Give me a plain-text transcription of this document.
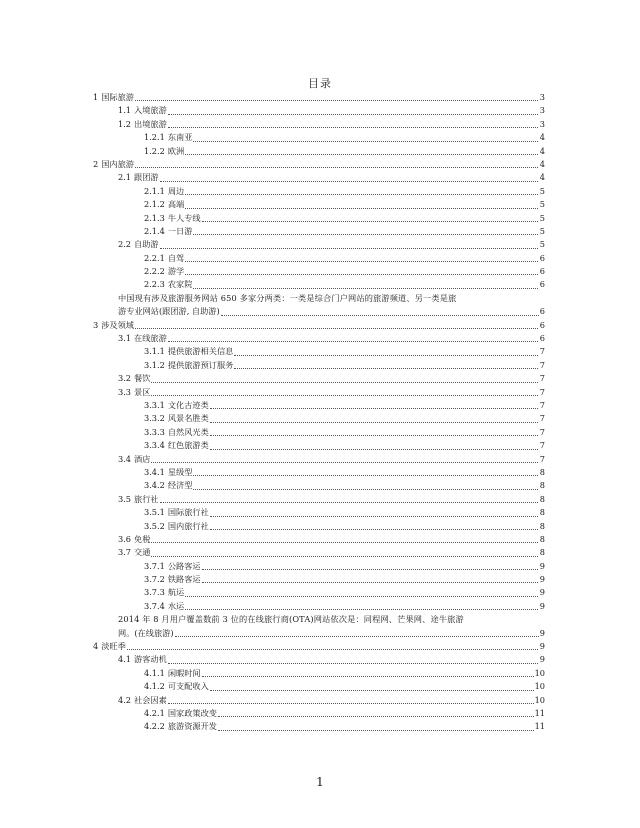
目录
1 国际旅游	3
1.1 入境旅游	3
1.2 出境旅游	3
1.2.1 东南亚	4
1.2.2 欧洲	4
2 国内旅游	4
2.1 跟团游	4
2.1.1 周边	5
2.1.2 高端	5
2.1.3 牛人专线	5
2.1.4 一日游	5
2.2 自助游	5
2.2.1 自驾	6
2.2.2 游学	6
2.2.3 农家院	6
中国现有涉及旅游服务网站 650 多家分两类：一类是综合门户网站的旅游频道、另一类是旅
游专业网站(跟团游, 自助游)	6
3 涉及领域	6
3.1 在线旅游	6
3.1.1 提供旅游相关信息	7
3.1.2 提供旅游预订服务	7
3.2 餐饮	7
3.3 景区	7
3.3.1 文化古迹类	7
3.3.2 风景名胜类	7
3.3.3 自然风光类	7
3.3.4 红色旅游类	7
3.4 酒店	7
3.4.1 星级型	8
3.4.2 经济型	8
3.5 旅行社	8
3.5.1 国际旅行社	8
3.5.2 国内旅行社	8
3.6 免税	8
3.7 交通	8
3.7.1 公路客运	9
3.7.2 铁路客运	9
3.7.3 航运	9
3.7.4 水运	9
2014 年 8 月用户覆盖数前 3 位的在线旅行商(OTA)网站依次是：同程网、芒果网、途牛旅游
网。(在线旅游)	9
4 淡旺季	9
4.1 游客动机	9
4.1.1 闲暇时间	10
4.1.2 可支配收入	10
4.2 社会因素	10
4.2.1 国家政策改变	11
4.2.2 旅游资源开发	11
1
